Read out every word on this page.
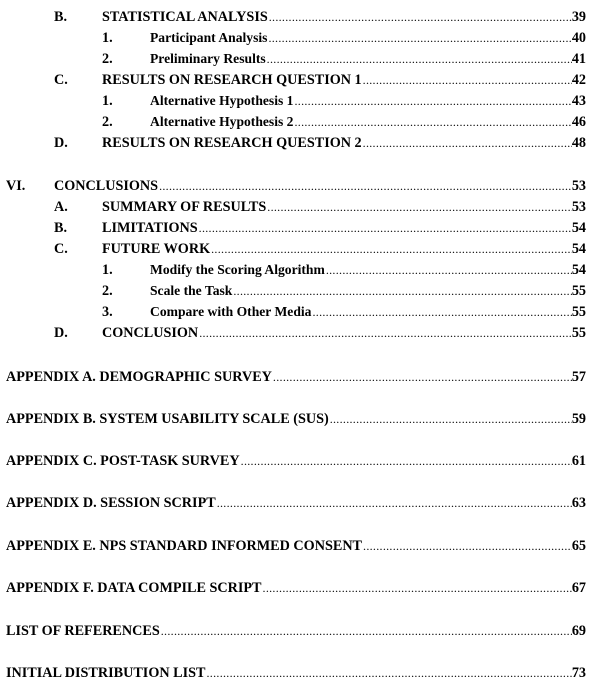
B. STATISTICAL ANALYSIS .....	39
1.	Participant Analysis .....	40
2.	Preliminary Results .....	41
C. RESULTS ON RESEARCH QUESTION 1 .....	42
1.	Alternative Hypothesis 1 .....	43
2.	Alternative Hypothesis 2 .....	46
D. RESULTS ON RESEARCH QUESTION 2 .....	48
VI. CONCLUSIONS .....	53
A. SUMMARY OF RESULTS .....	53
B. LIMITATIONS .....	54
C. FUTURE WORK .....	54
1.	Modify the Scoring Algorithm .....	54
2.	Scale the Task .....	55
3.	Compare with Other Media .....	55
D. CONCLUSION .....	55
APPENDIX A. DEMOGRAPHIC SURVEY .....	57
APPENDIX B. SYSTEM USABILITY SCALE (SUS) .....	59
APPENDIX C. POST-TASK SURVEY .....	61
APPENDIX D. SESSION SCRIPT .....	63
APPENDIX E. NPS STANDARD INFORMED CONSENT .....	65
APPENDIX F. DATA COMPILE SCRIPT .....	67
LIST OF REFERENCES .....	69
INITIAL DISTRIBUTION LIST .....	73
